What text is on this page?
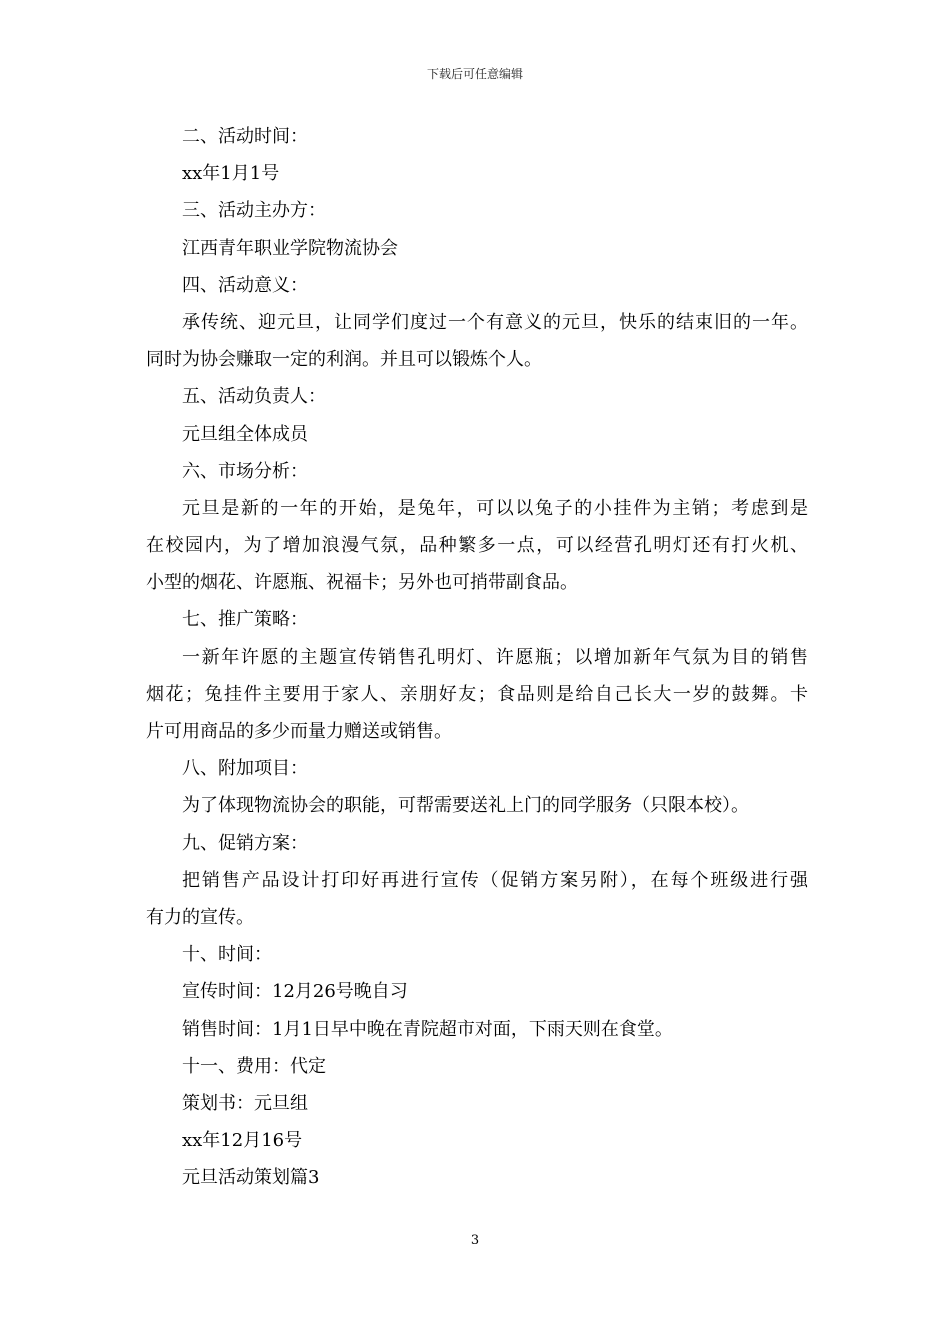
下载后可任意编辑
二、活动时间：
xx年1月1号
三、活动主办方：
江西青年职业学院物流协会
四、活动意义：
承传统、迎元旦，让同学们度过一个有意义的元旦，快乐的结束旧的一年。
同时为协会赚取一定的利润。并且可以锻炼个人。
五、活动负责人：
元旦组全体成员
六、市场分析：
元旦是新的一年的开始，是兔年，可以以兔子的小挂件为主销；考虑到是
在校园内，为了增加浪漫气氛，品种繁多一点，可以经营孔明灯还有打火机、
小型的烟花、许愿瓶、祝福卡；另外也可捎带副食品。
七、推广策略：
一新年许愿的主题宣传销售孔明灯、许愿瓶；以增加新年气氛为目的销售
烟花；兔挂件主要用于家人、亲朋好友；食品则是给自己长大一岁的鼓舞。卡
片可用商品的多少而量力赠送或销售。
八、附加项目：
为了体现物流协会的职能，可帮需要送礼上门的同学服务（只限本校）。
九、促销方案：
把销售产品设计打印好再进行宣传（促销方案另附），在每个班级进行强
有力的宣传。
十、时间：
宣传时间：12月26号晚自习
销售时间：1月1日早中晚在青院超市对面，下雨天则在食堂。
十一、费用：代定
策划书：元旦组
xx年12月16号
元旦活动策划篇3
3
